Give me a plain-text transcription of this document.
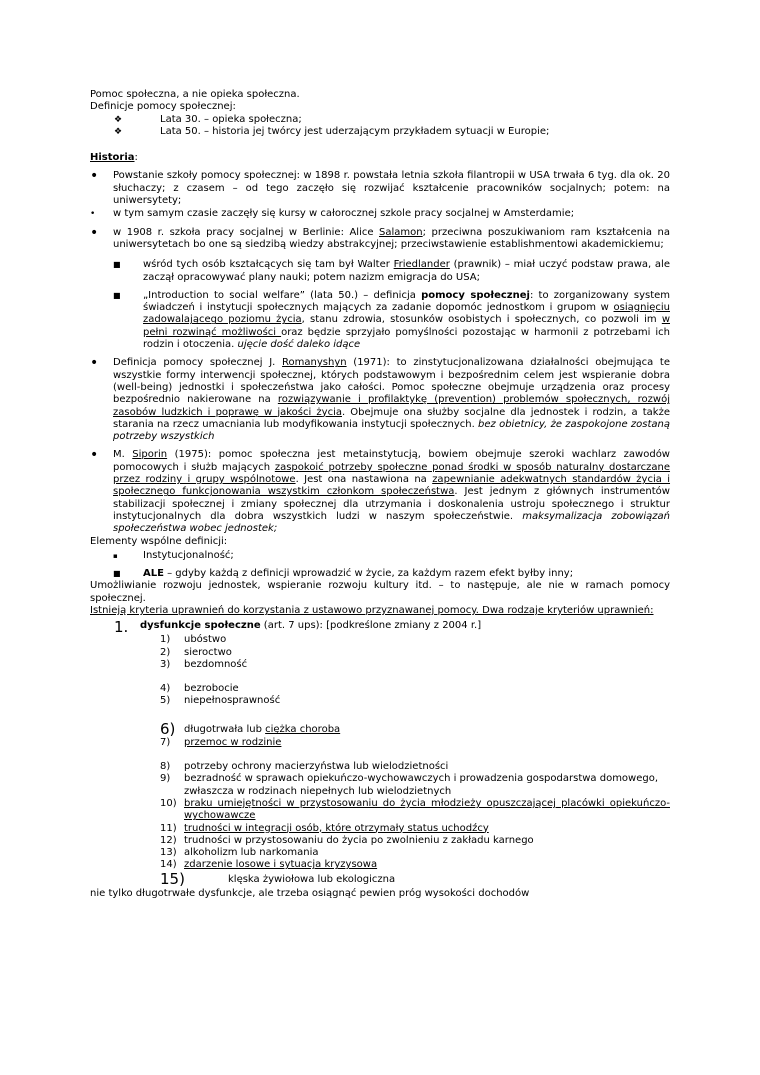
Pomoc społeczna, a nie opieka społeczna.

Definicje pomocy społecznej:

❖	Lata 30. – opieka społeczna;
❖	Lata 50. – historia jej twórcy jest uderzającym przykładem sytuacji w Europie;

Historia:

•	Powstanie szkoły pomocy społecznej: w 1898 r. powstała letnia szkoła filantropii w USA trwała 6 tyg. dla ok. 20 słuchaczy; z czasem – od tego zaczęło się rozwijać kształcenie pracowników socjalnych; potem: na uniwersytety;

•	w tym samym czasie zaczęły się kursy w całorocznej szkole pracy socjalnej w Amsterdamie;

•	w 1908 r. szkoła pracy socjalnej w Berlinie: Alice Salamon; przeciwna poszukiwaniom ram kształcenia na uniwersytetach bo one są siedzibą wiedzy abstrakcyjnej; przeciwstawienie establishmentowi akademickiemu;

■	wśród tych osób kształcących się tam był Walter Friedlander (prawnik) – miał uczyć podstaw prawa, ale zaczął opracowywać plany nauki; potem nazizm emigracja do USA;

■	„Introduction to social welfare” (lata 50.) – definicja pomocy społecznej: to zorganizowany system świadczeń i instytucji społecznych mających za zadanie dopomóc jednostkom i grupom w osiągnięciu zadowalającego poziomu życia, stanu zdrowia, stosunków osobistych i społecznych, co pozwoli im w pełni rozwinąć możliwości oraz będzie sprzyjało pomyślności pozostając w harmonii z potrzebami ich rodzin i otoczenia. ujęcie dość daleko idące

•	Definicja pomocy społecznej J. Romanyshyn (1971): to zinstytucjonalizowana działalności obejmująca te wszystkie formy interwencji społecznej, których podstawowym i bezpośrednim celem jest wspieranie dobra (well-being) jednostki i społeczeństwa jako całości. Pomoc społeczne obejmuje urządzenia oraz procesy bezpośrednio nakierowane na rozwiązywanie i profilaktykę (prevention) problemów społecznych, rozwój zasobów ludzkich i poprawę w jakości życia. Obejmuje ona służby socjalne dla jednostek i rodzin, a także starania na rzecz umacniania lub modyfikowania instytucji społecznych. bez obietnicy, że zaspokojone zostaną potrzeby wszystkich

•	M. Siporin (1975): pomoc społeczna jest metainstytucją, bowiem obejmuje szeroki wachlarz zawodów pomocowych i służb mających zaspokoić potrzeby społeczne ponad środki w sposób naturalny dostarczane przez rodziny i grupy wspólnotowe. Jest ona nastawiona na zapewnianie adekwatnych standardów życia i społecznego funkcjonowania wszystkim członkom społeczeństwa. Jest jednym z głównych instrumentów stabilizacji społecznej i zmiany społecznej dla utrzymania i doskonalenia ustroju społecznego i struktur instytucjonalnych dla dobra wszystkich ludzi w naszym społeczeństwie. maksymalizacja zobowiązań społeczeństwa wobec jednostek;

Elementy wspólne definicji:

▪	Instytucjonalność;
■	ALE – gdyby każdą z definicji wprowadzić w życie, za każdym razem efekt byłby inny;

Umożliwianie rozwoju jednostek, wspieranie rozwoju kultury itd. – to następuje, ale nie w ramach pomocy społecznej.

Istnieją kryteria uprawnień do korzystania z ustawowo przyznawanej pomocy. Dwa rodzaje kryteriów uprawnień:

1.	dysfunkcje społeczne (art. 7 ups): [podkreślone zmiany z 2004 r.]
1)	ubóstwo
2)	sieroctwo
3)	bezdomność
4)	bezrobocie
5)	niepełnosprawność
6) długotrwała lub ciężka choroba
7)	przemoc w rodzinie
8)	potrzeby ochrony macierzyństwa lub wielodzietności
9)	bezradność w sprawach opiekuńczo-wychowawczych i prowadzenia gospodarstwa domowego, zwłaszcza w rodzinach niepełnych lub wielodzietnych
10) braku umiejętności w przystosowaniu do życia młodzieży opuszczającej placówki opiekuńczo-wychowawcze
11) trudności w integracji osób, które otrzymały status uchodźcy
12) trudności w przystosowaniu do życia po zwolnieniu z zakładu karnego
13) alkoholizm lub narkomania
14) zdarzenie losowe i sytuacja kryzysowa
15)	klęska żywiołowa lub ekologiczna

nie tylko długotrwałe dysfunkcje, ale trzeba osiągnąć pewien próg wysokości dochodów
